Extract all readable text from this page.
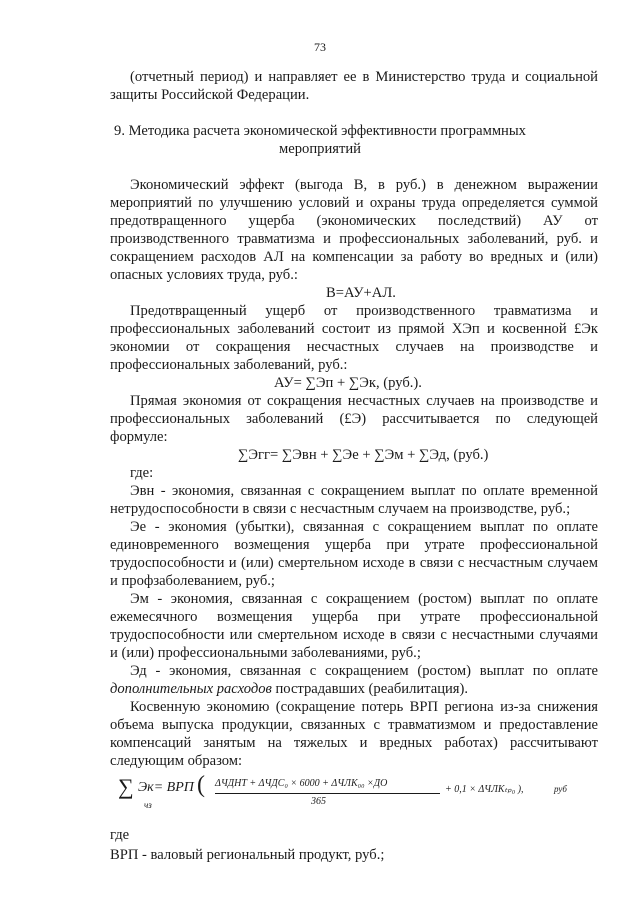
73
(отчетный период) и направляет ее в Министерство труда и социальной
защиты Российской Федерации.
9. Методика расчета экономической эффективности программных
мероприятий
Экономический эффект (выгода В, в руб.) в денежном выражении
мероприятий по улучшению условий и охраны труда определяется суммой
предотвращенного ущерба (экономических последствий) АУ от
производственного травматизма и профессиональных заболеваний, руб. и
сокращением расходов АЛ на компенсации за работу во вредных и (или)
опасных условиях труда, руб.:
В=АУ+АЛ.
Предотвращенный ущерб от производственного травматизма и
профессиональных заболеваний состоит из прямой ХЭп и косвенной £Эк
экономии от сокращения несчастных случаев на производстве и
профессиональных заболеваний, руб.:
АУ= ∑Эп + ∑Эк, (руб.).
Прямая экономия от сокращения несчастных случаев на производстве и
профессиональных заболеваний (£Э) рассчитывается по следующей
формуле:
∑Эгг= ∑Эвн + ∑Эе + ∑Эм + ∑Эд, (руб.)
где:
Эвн - экономия, связанная с сокращением выплат по оплате временной
нетрудоспособности в связи с несчастным случаем на производстве, руб.;
Эе - экономия (убытки), связанная с сокращением выплат по оплате
единовременного возмещения ущерба при утрате профессиональной
трудоспособности и (или) смертельном исходе в связи с несчастным случаем
и профзаболеванием, руб.;
Эм - экономия, связанная с сокращением (ростом) выплат по оплате
ежемесячного возмещения ущерба при утрате профессиональной
трудоспособности или смертельном исходе в связи с несчастными случаями
и (или) профессиональными заболеваниями, руб.;
Эд - экономия, связанная с сокращением (ростом) выплат по оплате
дополнительных расходов пострадавших (реабилитация).
Косвенную экономию (сокращение потерь ВРП региона из-за снижения
объема выпуска продукции, связанных с травматизмом и предоставление
компенсаций занятым на тяжелых и вредных работах) рассчитывают
следующим образом:
∑ Эк= ВРП
чз
( ΔЧДНТ + ΔЧДС₀ × 6000 + ΔЧЛК₀₀ ×ДО
365
+ 0,1 × ΔЧЛКₜₚ₀ ),	руб
где
ВРП - валовый региональный продукт, руб.;
